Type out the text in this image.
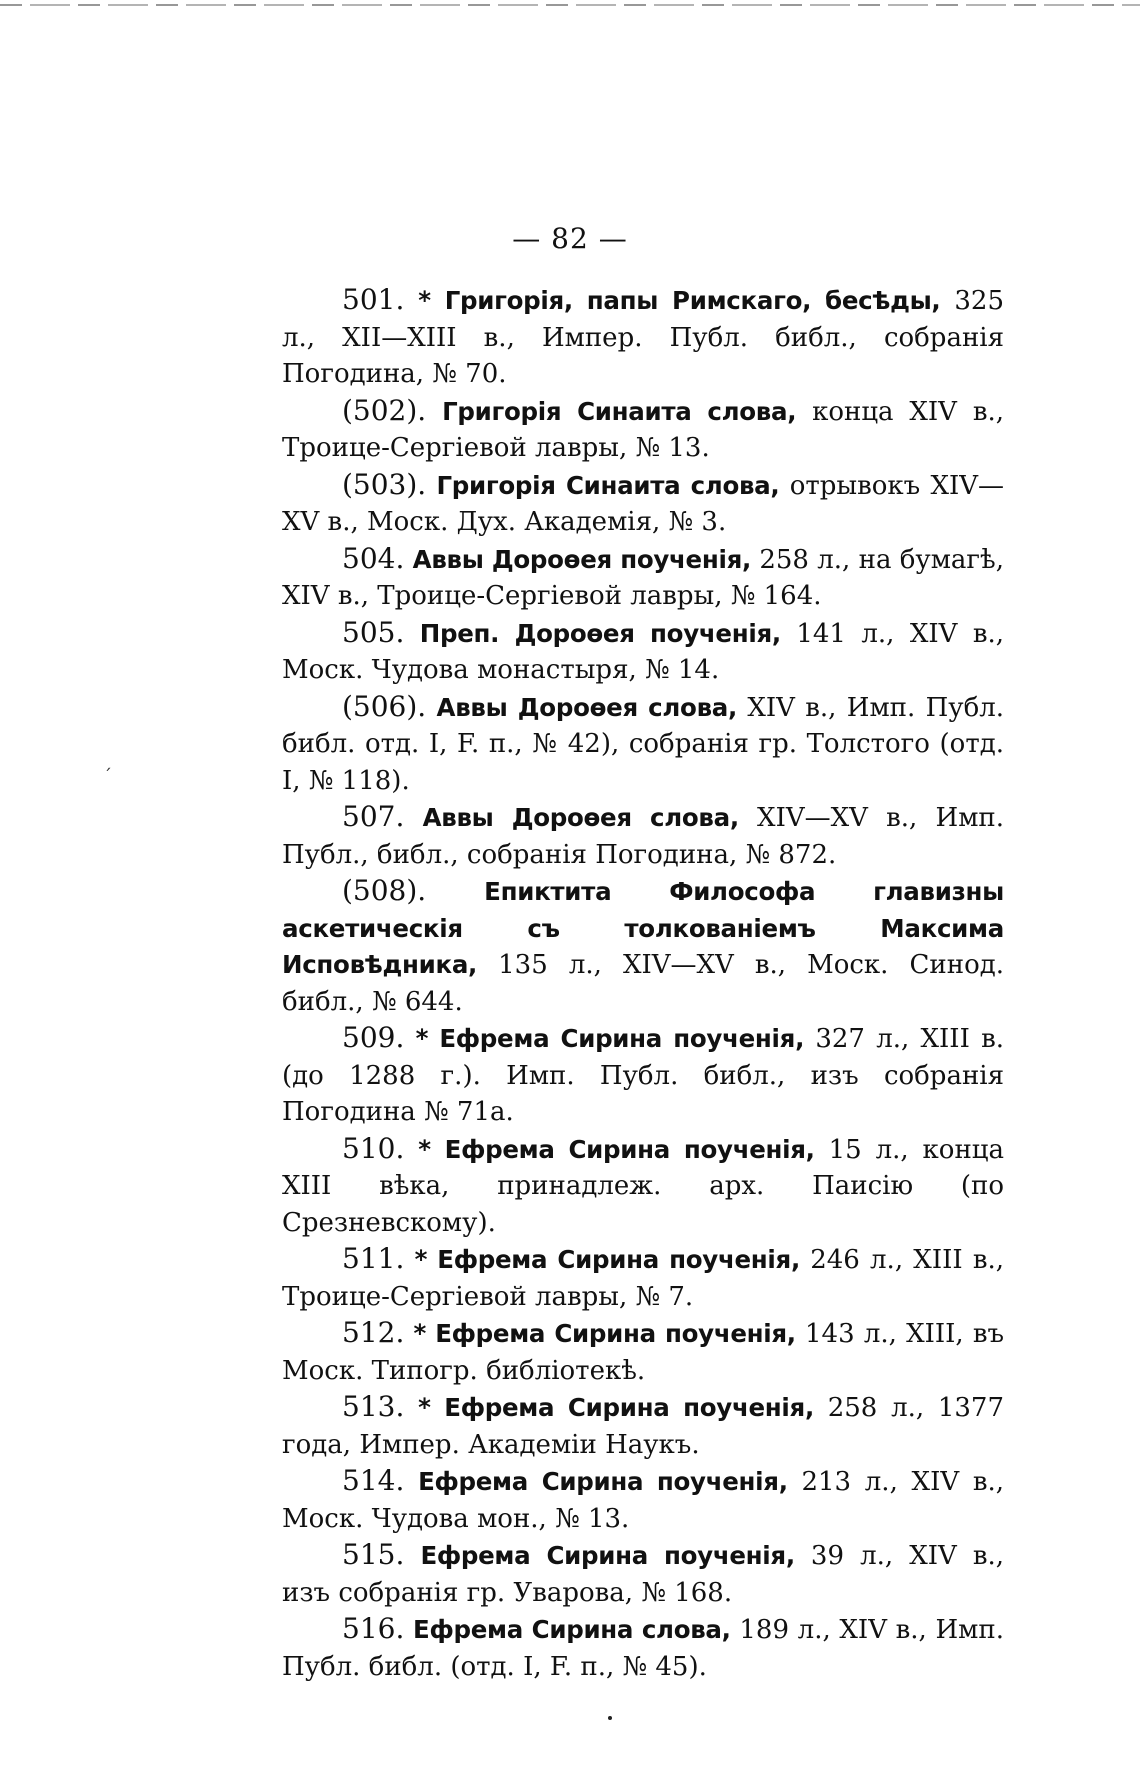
— 82 —

501. * Григорія, папы Римскаго, бесѣды, 325 л., XII—XIII в., Импер. Публ. библ., собранія Погодина, № 70.

(502). Григорія Синаита слова, конца XIV в., Троице-Сергіевой лавры, № 13.

(503). Григорія Синаита слова, отрывокъ XIV—XV в., Моск. Дух. Академія, № 3.

504. Аввы Дороѳея поученія, 258 л., на бумагѣ, XIV в., Троице-Сергіевой лавры, № 164.

505. Преп. Дороѳея поученія, 141 л., XIV в., Моск. Чудова монастыря, № 14.

(506). Аввы Дороѳея слова, XIV в., Имп. Публ. библ. отд. I, F. п., № 42), собранія гр. Толстого (отд. I, № 118).

507. Аввы Дороѳея слова, XIV—XV в., Имп. Публ., библ., собранія Погодина, № 872.

(508). Епиктита Философа главизны аскетическія съ толкованіемъ Максима Исповѣдника, 135 л., XIV—XV в., Моск. Синод. библ., № 644.

509. * Ефрема Сирина поученія, 327 л., XIII в. (до 1288 г.). Имп. Публ. библ., изъ собранія Погодина № 71а.

510. * Ефрема Сирина поученія, 15 л., конца XIII вѣка, принадлеж. арх. Паисію (по Срезневскому).

511. * Ефрема Сирина поученія, 246 л., XIII в., Троице-Сергіевой лавры, № 7.

512. * Ефрема Сирина поученія, 143 л., XIII, въ Моск. Типогр. библіотекѣ.

513. * Ефрема Сирина поученія, 258 л., 1377 года, Импер. Академіи Наукъ.

514. Ефрема Сирина поученія, 213 л., XIV в., Моск. Чудова мон., № 13.

515. Ефрема Сирина поученія, 39 л., XIV в., изъ собранія гр. Уварова, № 168.

516. Ефрема Сирина слова, 189 л., XIV в., Имп. Публ. библ. (отд. I, F. п., № 45).

ˊ
